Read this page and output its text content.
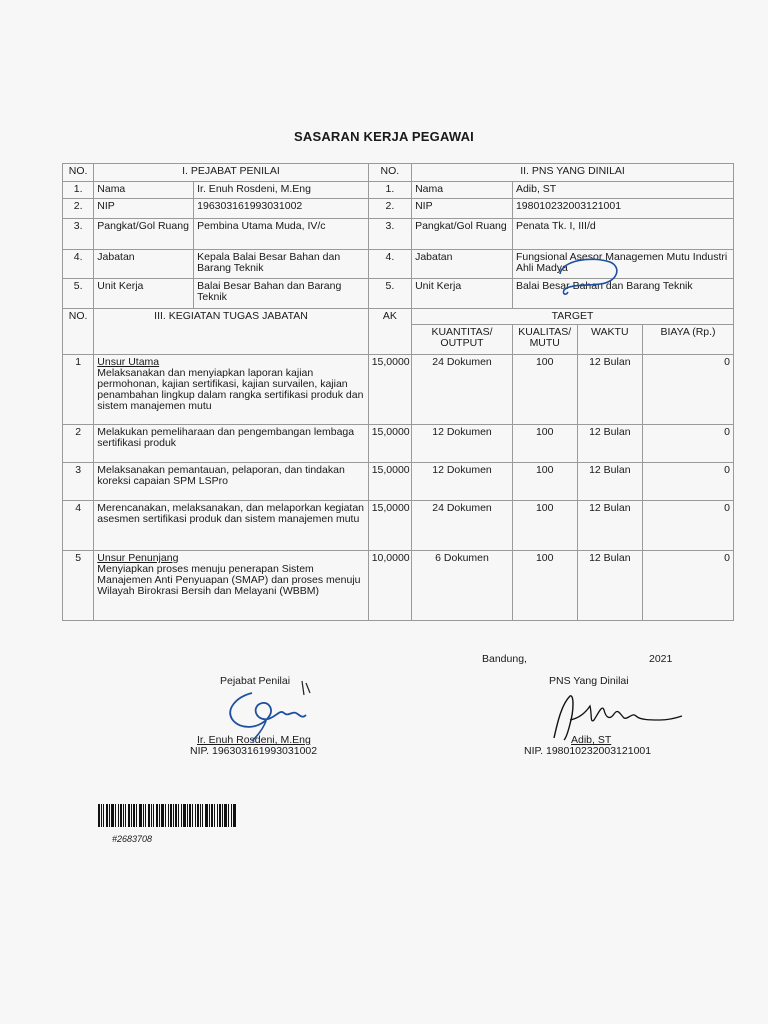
SASARAN KERJA PEGAWAI
NO.	I. PEJABAT PENILAI		NO.	II. PNS YANG DINILAI			
1.	Nama	Ir. Enuh Rosdeni, M.Eng	1.	Nama	Adib, ST		
2.	NIP	196303161993031002	2.	NIP	198010232003121001		
3.	Pangkat/Gol Ruang	Pembina Utama Muda, IV/c	3.	Pangkat/Gol Ruang	Penata Tk. I, III/d		
4.	Jabatan	Kepala Balai Besar Bahan dan Barang Teknik	4.	Jabatan	Fungsional Asesor Managemen Mutu Industri Ahli Madya		
5.	Unit Kerja	Balai Besar Bahan dan Barang Teknik	5.	Unit Kerja	Balai Besar Bahan dan Barang Teknik		
NO.	III. KEGIATAN TUGAS JABATAN		AK	TARGET			
				KUANTITAS/ OUTPUT	KUALITAS/ MUTU	WAKTU	BIAYA (Rp.)
1	Unsur Utama
Melaksanakan dan menyiapkan laporan kajian permohonan, kajian sertifikasi, kajian survailen, kajian penambahan lingkup dalam rangka sertifikasi produk dan sistem manajemen mutu		15,0000	24 Dokumen	100	12 Bulan	0
2	Melakukan pemeliharaan dan pengembangan lembaga sertifikasi produk		15,0000	12 Dokumen	100	12 Bulan	0
3	Melaksanakan pemantauan, pelaporan, dan tindakan koreksi capaian SPM LSPro		15,0000	12 Dokumen	100	12 Bulan	0
4	Merencanakan, melaksanakan, dan melaporkan kegiatan asesmen sertifikasi produk dan sistem manajemen mutu		15,0000	24 Dokumen	100	12 Bulan	0
5	Unsur Penunjang
Menyiapkan proses menuju penerapan Sistem Manajemen Anti Penyuapan (SMAP) dan proses menuju Wilayah Birokrasi Bersih dan Melayani (WBBM)		10,0000	6 Dokumen	100	12 Bulan	0
Bandung,	2021
Pejabat Penilai
Ir. Enuh Rosdeni, M.Eng
NIP. 196303161993031002
PNS Yang Dinilai
Adib, ST
NIP. 198010232003121001
#2683708
